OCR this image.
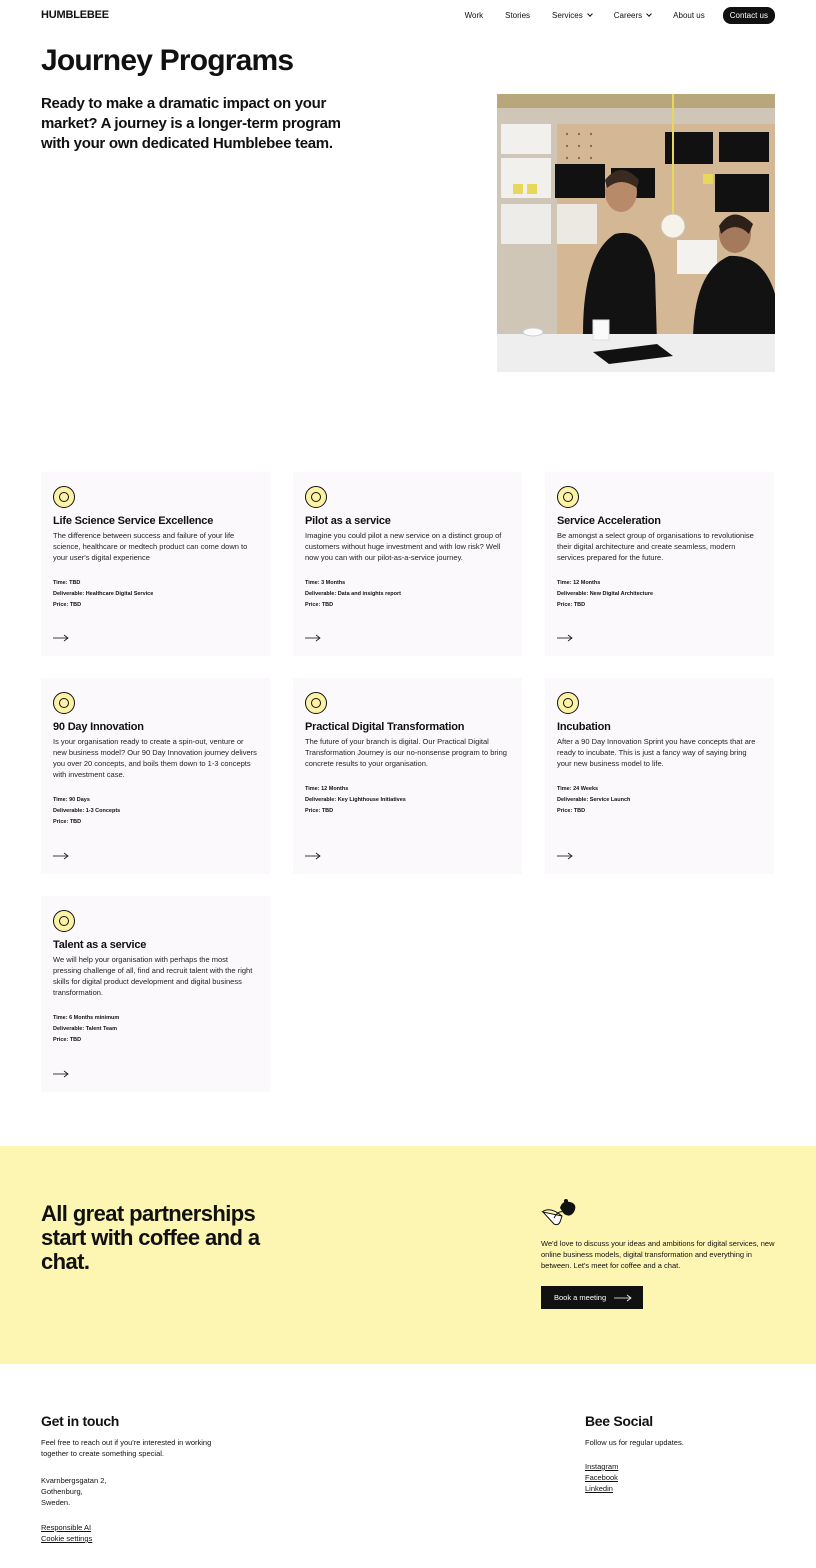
HUMBLEBEE	Work	Stories	Services	Careers	About us	Contact us
Journey Programs

Ready to make a dramatic impact on your market? A journey is a longer-term program with your own dedicated Humblebee team.

Life Science Service Excellence
The difference between success and failure of your life science, healthcare or medtech product can come down to your user's digital experience
Time: TBD
Deliverable: Healthcare Digital Service
Price: TBD
Pilot as a service
Imagine you could pilot a new service on a distinct group of customers without huge investment and with low risk? Well now you can with our pilot-as-a-service journey.
Time: 3 Months
Deliverable: Data and insights report
Price: TBD
Service Acceleration
Be amongst a select group of organisations to revolutionise their digital architecture and create seamless, modern services prepared for the future.
Time: 12 Months
Deliverable: New Digital Architecture
Price: TBD
90 Day Innovation
Is your organisation ready to create a spin-out, venture or new business model? Our 90 Day Innovation journey delivers you over 20 concepts, and boils them down to 1-3 concepts with investment case.
Time: 90 Days
Deliverable: 1-3 Concepts
Price: TBD
Practical Digital Transformation
The future of your branch is digital. Our Practical Digital Transformation Journey is our no-nonsense program to bring concrete results to your organisation.
Time: 12 Months
Deliverable: Key Lighthouse Initiatives
Price: TBD
Incubation
After a 90 Day Innovation Sprint you have concepts that are ready to incubate. This is just a fancy way of saying bring your new business model to life.
Time: 24 Weeks
Deliverable: Service Launch
Price: TBD
Talent as a service
We will help your organisation with perhaps the most pressing challenge of all, find and recruit talent with the right skills for digital product development and digital business transformation.
Time: 6 Months minimum
Deliverable: Talent Team
Price: TBD
All great partnerships start with coffee and a chat.

We'd love to discuss your ideas and ambitions for digital services, new online business models, digital transformation and everything in between. Let's meet for coffee and a chat.

Book a meeting
Get in touch

Feel free to reach out if you're interested in working together to create something special.

Kvarnbergsgatan 2,
Gothenburg,
Sweden.
Responsible AI
Cookie settings
Bee Social

Follow us for regular updates.

Instagram
Facebook
Linkedin
